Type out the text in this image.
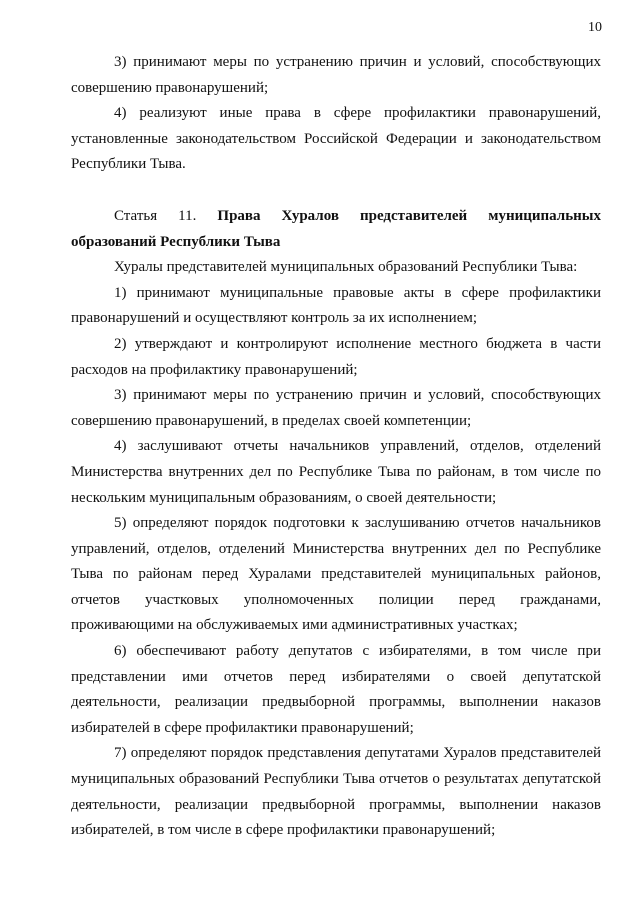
10

3) принимают меры по устранению причин и условий, способствующих совершению правонарушений;

4) реализуют иные права в сфере профилактики правонарушений, установленные законодательством Российской Федерации и законодательством Республики Тыва.

Статья 11. Права Хуралов представителей муниципальных образований Республики Тыва

Хуралы представителей муниципальных образований Республики Тыва:

1) принимают муниципальные правовые акты в сфере профилактики правонарушений и осуществляют контроль за их исполнением;

2) утверждают и контролируют исполнение местного бюджета в части расходов на профилактику правонарушений;

3) принимают меры по устранению причин и условий, способствующих совершению правонарушений, в пределах своей компетенции;

4) заслушивают отчеты начальников управлений, отделов, отделений Министерства внутренних дел по Республике Тыва по районам, в том числе по нескольким муниципальным образованиям, о своей деятельности;

5) определяют порядок подготовки к заслушиванию отчетов начальников управлений, отделов, отделений Министерства внутренних дел по Республике Тыва по районам перед Хуралами представителей муниципальных районов, отчетов участковых уполномоченных полиции перед гражданами, проживающими на обслуживаемых ими административных участках;

6) обеспечивают работу депутатов с избирателями, в том числе при представлении ими отчетов перед избирателями о своей депутатской деятельности, реализации предвыборной программы, выполнении наказов избирателей в сфере профилактики правонарушений;

7) определяют порядок представления депутатами Хуралов представителей муниципальных образований Республики Тыва отчетов о результатах депутатской деятельности, реализации предвыборной программы, выполнении наказов избирателей, в том числе в сфере профилактики правонарушений;
